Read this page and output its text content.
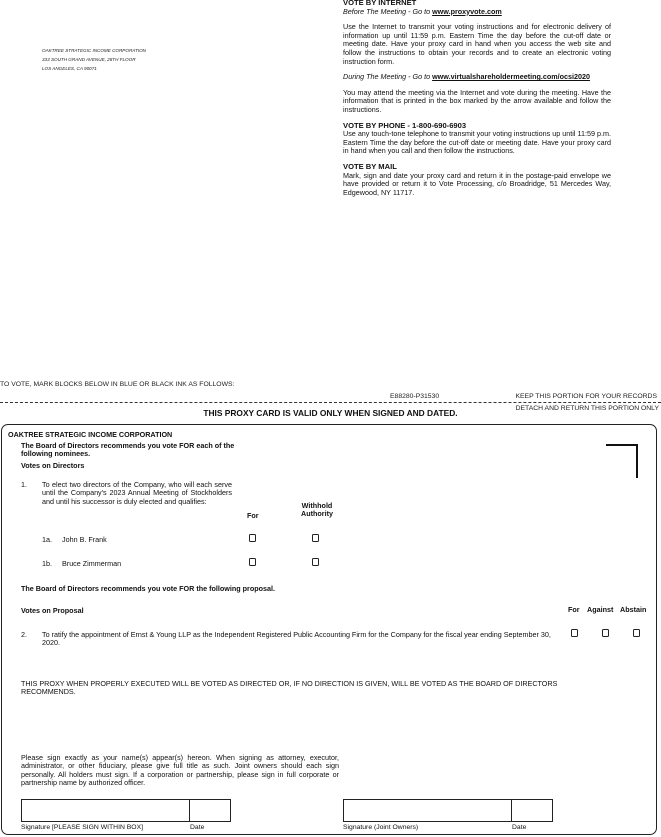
OAKTREE STRATEGIC INCOME CORPORATION
333 SOUTH GRAND AVENUE, 28TH FLOOR
LOS ANGELES, CA 90071
VOTE BY INTERNET
Before The Meeting - Go to www.proxyvote.com

Use the Internet to transmit your voting instructions and for electronic delivery of information up until 11:59 p.m. Eastern Time the day before the cut-off date or meeting date. Have your proxy card in hand when you access the web site and follow the instructions to obtain your records and to create an electronic voting instruction form.

During The Meeting - Go to www.virtualshareholdermeeting.com/ocsi2020

You may attend the meeting via the Internet and vote during the meeting. Have the information that is printed in the box marked by the arrow available and follow the instructions.

VOTE BY PHONE - 1-800-690-6903

Use any touch-tone telephone to transmit your voting instructions up until 11:59 p.m. Eastern Time the day before the cut-off date or meeting date. Have your proxy card in hand when you call and then follow the instructions.

VOTE BY MAIL

Mark, sign and date your proxy card and return it in the postage-paid envelope we have provided or return it to Vote Processing, c/o Broadridge, 51 Mercedes Way, Edgewood, NY 11717.

TO VOTE, MARK BLOCKS BELOW IN BLUE OR BLACK INK AS FOLLOWS:
E88280-P31530	KEEP THIS PORTION FOR YOUR RECORDS
DETACH AND RETURN THIS PORTION ONLY
THIS PROXY CARD IS VALID ONLY WHEN SIGNED AND DATED.
OAKTREE STRATEGIC INCOME CORPORATION
The Board of Directors recommends you vote FOR each of the following nominees.
Votes on Directors
1. To elect two directors of the Company, who will each serve until the Company's 2023 Annual Meeting of Stockholders and until his successor is duly elected and qualifies:
For
Withhold Authority
1a. John B. Frank
1b. Bruce Zimmerman
The Board of Directors recommends you vote FOR the following proposal.
Votes on Proposal	For Against Abstain
2. To ratify the appointment of Ernst & Young LLP as the Independent Registered Public Accounting Firm for the Company for the fiscal year ending September 30, 2020.
THIS PROXY WHEN PROPERLY EXECUTED WILL BE VOTED AS DIRECTED OR, IF NO DIRECTION IS GIVEN, WILL BE VOTED AS THE BOARD OF DIRECTORS RECOMMENDS.
Please sign exactly as your name(s) appear(s) hereon. When signing as attorney, executor, administrator, or other fiduciary, please give full title as such. Joint owners should each sign personally. All holders must sign. If a corporation or partnership, please sign in full corporate or partnership name by authorized officer.
Signature [PLEASE SIGN WITHIN BOX]	Date	Signature (Joint Owners)	Date
